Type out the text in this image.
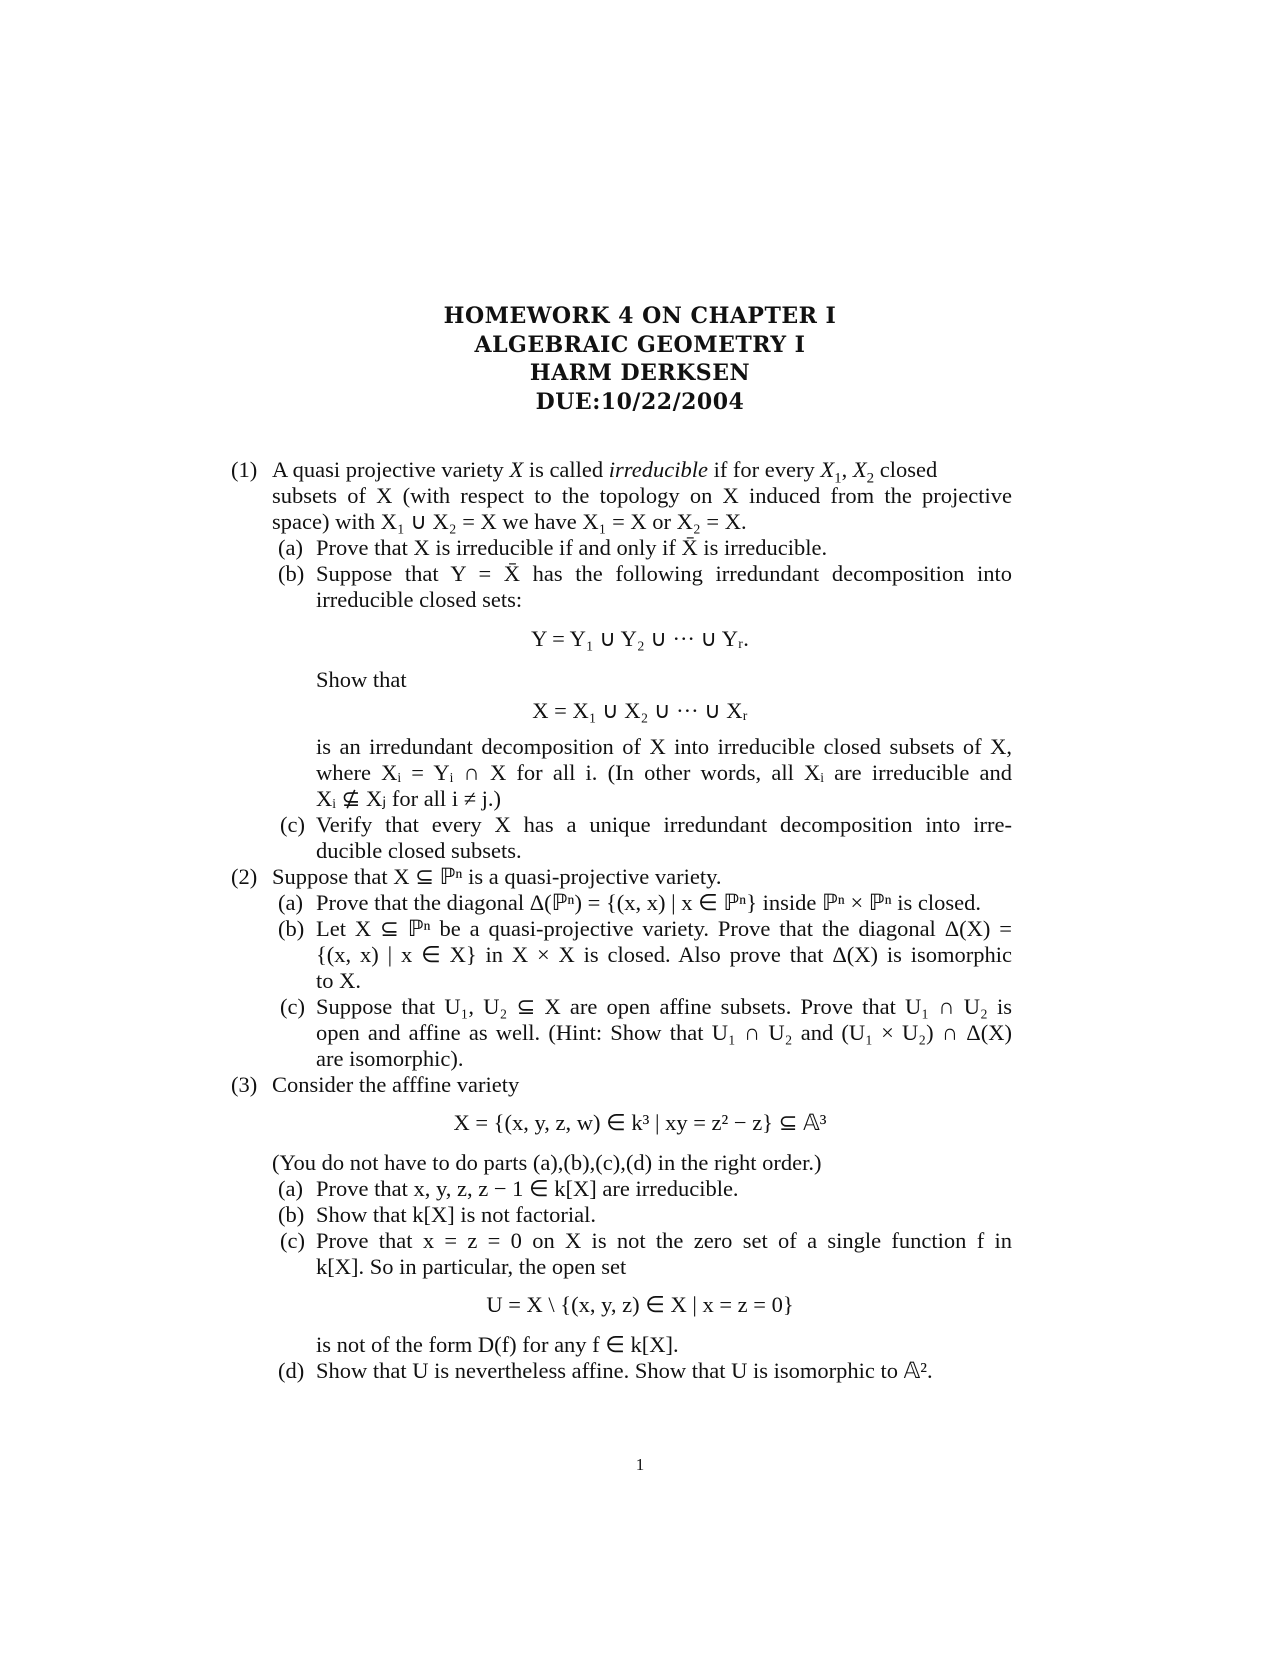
HOMEWORK 4 ON CHAPTER I
ALGEBRAIC GEOMETRY I
HARM DERKSEN
DUE:10/22/2004
(1) A quasi projective variety X is called irreducible if for every $X_1$, $X_2$ closed
subsets of X (with respect to the topology on X induced from the projective
space) with X₁ ∪ X₂ = X we have X₁ = X or X₂ = X.
(a) Prove that X is irreducible if and only if X̄ is irreducible.
(b) Suppose that Y = X̄ has the following irredundant decomposition into
irreducible closed sets:
Y = Y₁ ∪ Y₂ ∪ ··· ∪ Yᵣ.
Show that
X = X₁ ∪ X₂ ∪ ··· ∪ Xᵣ
is an irredundant decomposition of X into irreducible closed subsets of X,
where Xᵢ = Yᵢ ∩ X for all i. (In other words, all Xᵢ are irreducible and
Xᵢ ⊈ Xⱼ for all i ≠ j.)
(c) Verify that every X has a unique irredundant decomposition into irre-
ducible closed subsets.
(2) Suppose that X ⊆ ℙⁿ is a quasi-projective variety.
(a) Prove that the diagonal Δ(ℙⁿ) = {(x, x) | x ∈ ℙⁿ} inside ℙⁿ × ℙⁿ is closed.
(b) Let X ⊆ ℙⁿ be a quasi-projective variety. Prove that the diagonal Δ(X) =
{(x, x) | x ∈ X} in X × X is closed. Also prove that Δ(X) is isomorphic
to X.
(c) Suppose that U₁, U₂ ⊆ X are open affine subsets. Prove that U₁ ∩ U₂ is
open and affine as well. (Hint: Show that U₁ ∩ U₂ and (U₁ × U₂) ∩ Δ(X)
are isomorphic).
(3) Consider the afffine variety
X = {(x, y, z, w) ∈ k³ | xy = z² − z} ⊆ 𝔸³
(You do not have to do parts (a),(b),(c),(d) in the right order.)
(a) Prove that x, y, z, z − 1 ∈ k[X] are irreducible.
(b) Show that k[X] is not factorial.
(c) Prove that x = z = 0 on X is not the zero set of a single function f in
k[X]. So in particular, the open set
U = X \ {(x, y, z) ∈ X | x = z = 0}
is not of the form D(f) for any f ∈ k[X].
(d) Show that U is nevertheless affine. Show that U is isomorphic to 𝔸².
1
